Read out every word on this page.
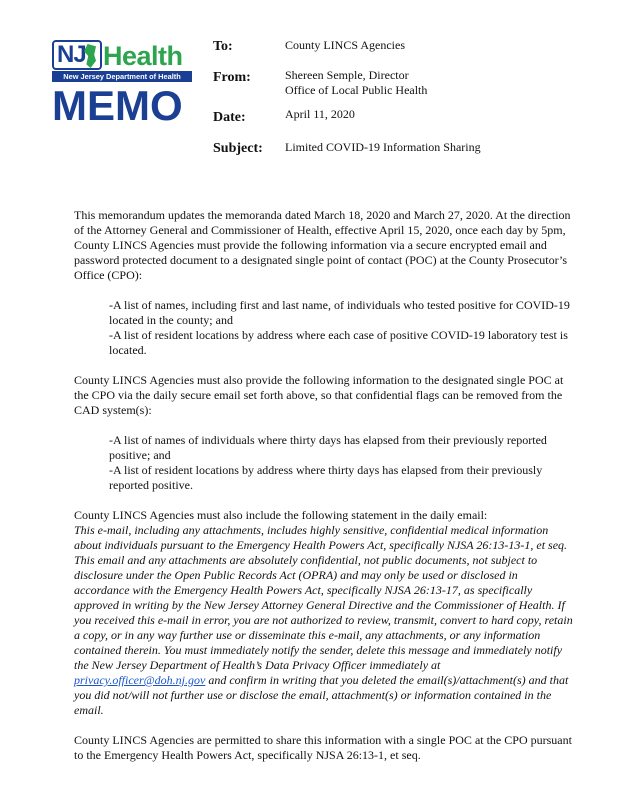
NJ Health
New Jersey Department of Health
MEMO
To:	County LINCS Agencies
From:	Shereen Semple, Director
Office of Local Public Health
Date:	April 11, 2020
Subject:	Limited COVID-19 Information Sharing

This memorandum updates the memoranda dated March 18, 2020 and March 27, 2020. At the direction of the Attorney General and Commissioner of Health, effective April 15, 2020, once each day by 5pm, County LINCS Agencies must provide the following information via a secure encrypted email and password protected document to a designated single point of contact (POC) at the County Prosecutor’s Office (CPO):

-A list of names, including first and last name, of individuals who tested positive for COVID-19 located in the county; and

-A list of resident locations by address where each case of positive COVID-19 laboratory test is located.

County LINCS Agencies must also provide the following information to the designated single POC at the CPO via the daily secure email set forth above, so that confidential flags can be removed from the CAD system(s):

-A list of names of individuals where thirty days has elapsed from their previously reported positive; and

-A list of resident locations by address where thirty days has elapsed from their previously reported positive.

County LINCS Agencies must also include the following statement in the daily email:

This e-mail, including any attachments, includes highly sensitive, confidential medical information about individuals pursuant to the Emergency Health Powers Act, specifically NJSA 26:13-13-1, et seq. This email and any attachments are absolutely confidential, not public documents, not subject to disclosure under the Open Public Records Act (OPRA) and may only be used or disclosed in accordance with the Emergency Health Powers Act, specifically NJSA 26:13-17, as specifically approved in writing by the New Jersey Attorney General Directive and the Commissioner of Health. If you received this e-mail in error, you are not authorized to review, transmit, convert to hard copy, retain a copy, or in any way further use or disseminate this e-mail, any attachments, or any information contained therein. You must immediately notify the sender, delete this message and immediately notify the New Jersey Department of Health’s Data Privacy Officer immediately at privacy.officer@doh.nj.gov and confirm in writing that you deleted the email(s)/attachment(s) and that you did not/will not further use or disclose the email, attachment(s) or information contained in the email.

County LINCS Agencies are permitted to share this information with a single POC at the CPO pursuant to the Emergency Health Powers Act, specifically NJSA 26:13-1, et seq.
